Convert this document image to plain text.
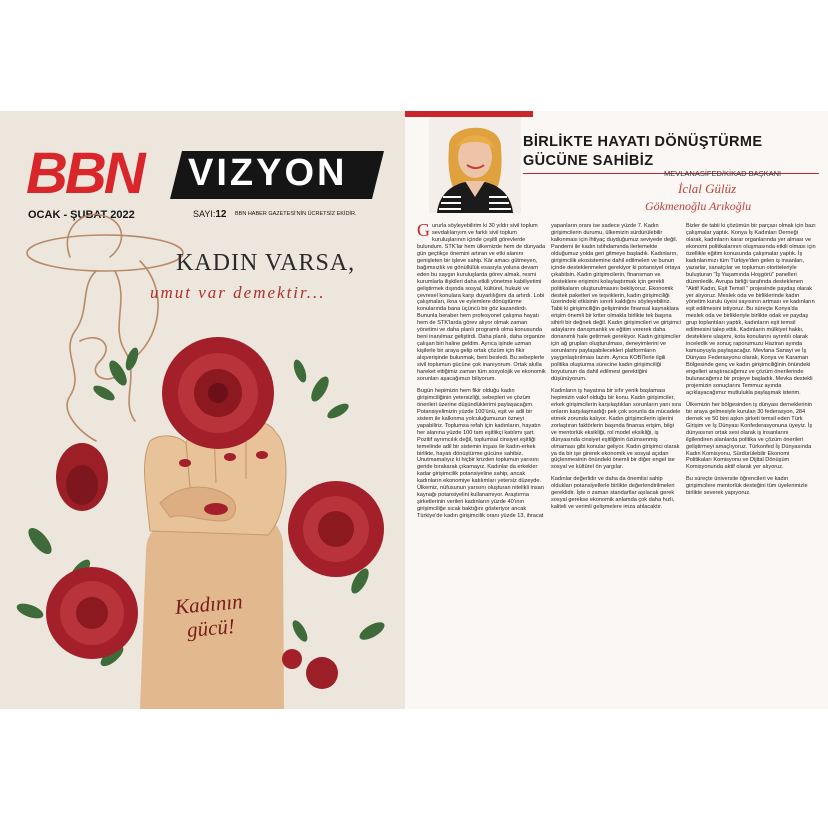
BBN VIZYON
OCAK - ŞUBAT 2022	SAYI:12 BBN HABER GAZETESİ'NİN ÜCRETSİZ EKİDİR.
KADIN VARSA,
umut var demektir...
Kadının
gücü!
BİRLİKTE HAYATI DÖNÜŞTÜRME
GÜCÜNE SAHİBİZ
MEVLANASİFED/KİKAD BAŞKANI
İclal Gülüz
Gökmenoğlu Arıkoğlu

Gururla söyleyebilirim ki 30 yıldır sivil toplum sevdalılarıyım ve farklı sivil toplum kuruluşlarının içinde çeşitli görevlerde bulundum. STK'lar hem ülkemizde hem de dünyada gün geçtikçe önemini artıran ve etki alanını genişleten bir işleve sahip. Kâr amacı gütmeyen, bağımsızlık ve gönüllülük esasıyla yoluna devam eden bu saygın kuruluşlarda görev almak, resmi kurumlarla ilişkileri daha etkili yönetme kabiliyetimi geliştirmek dışında sosyal, kültürel, hukuki ve çevresel konulara karşı duyarlılığımı da artırdı. Lobi çalışmaları, ikna ve eylemlere dönüştürme konularında bana üçüncü bir göz kazandırdı. Bununla beraber hem profesyonel çalışma hayatı hem de STK'larda görev alıyor olmak zaman yönetimi ve daha planlı programlı olma konusunda beni inanılmaz geliştirdi. Daha planlı, daha organize çalışan biri haline geldim. Ayrıca işinde uzman kişilerle bir araya gelip ortak çözüm için fikir alışverişinde bulunmak, beni besledi. Bu sebeplerle sivil toplumun gücüne çok inanıyorum. Ortak akılla hareket ettiğimiz zaman tüm sosyolojik ve ekonomik sorunları aşacağımızı biliyorum.

Bugün hepimizin hem fikir olduğu kadın girişimciliğinin yetersizliği, sebepleri ve çözüm önerileri üzerine düşündüklerimi paylaşacağım. Potansiyelimizin yüzde 100'ünü, eşit ve adil bir sistem ile kalkınma yolculuğumuzun özneyi yapabiliriz. Toplumsa refah için kadınların, hayatın her alanına yüzde 100 tam eşitlikçi katılımı şart. Pozitif ayrımcılık değil, toplumsal cinsiyet eşitliği temelinde adil bir sistemin inşası ile kadın-erkek birlikte, hayatı dönüştürme gücüne sahibiz. Unutmamalıyız ki hiçbir krizden toplumun yarısını geride bırakarak çıkamayız. Kadınlar da erkekler kadar girişimcilik potansiyeline sahip, ancak kadınların ekonomiye katılımları yetersiz düzeyde. Ülkemiz, nüfusunun yarısını oluşturan nitelikli insan kaynağı potansiyelini kullanamıyor. Araştırma şirketlerinin verileri kadınların yüzde 40'ının girişimciliğe sıcak baktığını gösteriyor ancak Türkiye'de kadın girişimcilik oranı yüzde 13, ihracat

yapanların oranı ise sadece yüzde 7. Kadın girişimcilerin durumu, ülkemizin sürdürülebilir kalkınması için ihtiyaç duyduğumuz seviyede değil. Pandemi ile kadın istihdamında ilerlemekte olduğumuz yolda geri gitmeye başladık. Kadınların, girişimcilik ekosistemine dahil edilmeleri ve bunun içinde desteklenmeleri gerekiyor ki potansiyel ortaya çıkabilsin. Kadın girişimcilerin, finansman ve desteklere erişimini kolaylaştırmak için gerekli politikaların oluşturulmasını bekliyoruz. Ekonomik destek paketleri ve teşviklerin, kadın girişimciliği üzerindeki etkisinin sınırlı kaldığını söyleyebiliriz. Tabii ki girişimciliğin gelişiminde finansal kaynaklara erişim önemli bir kriter olmakla birlikte tek başına sihirli bir değnek değil. Kadın girişimcileri ve girişimci adaylarını danışmanlık ve eğitim vererek daha donanımlı hale getirmek gerekiyor. Kadın girişimciler için ağ grupları oluşturulması, deneyimlerini ve sorunlarını paylaşabilecekleri platformların yaygınlaştırılması lazım. Ayrıca KOBİ'lerle ilgili politika oluşturma sürecine kadın girişimciliği boyutunun da dahil edilmesi gerektiğini düşünüyorum.

Kadınların iş hayatına bir sıfır yenik başlaması hepimizin vakıf olduğu bir konu. Kadın girişimciler, erkek girişimcilerin karşılaştıkları sorunların yanı sıra onların karşılaşmadığı pek çok sorunla da mücadele etmek zorunda kalıyor. Kadın girişimcilerin işlerini zorlaştıran faktörlerin başında finansa erişim, bilgi ve mentorlük eksikliği, rol model eksikliği, iş dünyasında cinsiyet eşitliğinin özümsenmiş olmaması gibi konular geliyor. Kadın girişimci olarak ya da bir işe girerek ekonomik ve sosyal açıdan güçlenmesinin önündeki önemli bir diğer engel ise sosyal ve kültürel ön yargılar.

Kadınlar değerlidir ve daha da önemlisi sahip oldukları potansiyellerle birlikte değerlendirilmeleri gereklidir. İşte o zaman standartlar aşılacak gerek sosyal gerekse ekonomik anlamda çok daha hızlı, kaliteli ve verimli gelişmelere imza atılacaktır.

Bizler de tabii ki çözümün bir parçası olmak için bazı çalışmalar yaptık. Konya İş Kadınları Derneği olarak, kadınların karar organlarında yer alması ve ekonomi politikalarının oluşmasında etkili olması için özellikle eğitim konusunda çalışmalar yaptık. İş kadınlarımızı tüm Türkiye'den gelen iş insanları, yazarlar, sanatçılar ve toplumun otoriteleriyle buluşturan "İş Yaşamında Hoşgörü" panelleri düzenledik. Avrupa birliği tarafında desteklenen "Aktif Kadın, Eşit Temsil " projesinde paydaş olarak yer alıyoruz. Meslek oda ve birliklerinde kadın yönetim kurulu üyesi sayısının artması ve kadınların eşit edilmesini istiyoruz. Bu süreçte Konya'da meslek oda ve birlikleriyle birlikte odak ve paydaş grup toplantıları yaptık, kadınların eşit temsil edilmesini talep ettik. Kadınların mülkiyet hakkı, desteklere ulaşımı, kota konularını ayrıntılı olarak inceledik ve sonuç raporumuzu Haziran ayında kamuoyuyla paylaşacağız. Mevlana Sanayi ve İş Dünyası Federasyonu olarak, Konya ve Karaman Bölgesinde genç ve kadın girişimciliğinin önündeki engelleri araştıracağımız ve çözüm önerilerinde bulunacağımız bir projeye başladık. Mevka destekli projemizin sonuçlarını Temmuz ayında açıklayacağımız mutlulukla paylaşmak isterim.

Ülkemizin her bölgesinden iş dünyası derneklerinin bir araya gelmesiyle kurulan 30 federasyon, 284 dernek ve 50 bini aşkın şirketi temsil eden Türk Girişim ve İş Dünyası Konfederasyonuna üyeyiz. İş dünyasının ortak sesi olarak iş insanlarını ilgilendiren alanlarda politika ve çözüm önerileri geliştirmeyi amaçlıyoruz. Türkonfed İş Dünyasında Kadın Komisyonu, Sürdürülebilir Ekonomi Politikaları Komisyonu ve Dijital Dönüşüm Komisyonunda aktif olarak yer alıyoruz.

Bu süreçte üniversite öğrencileri ve kadın girişimcilere mentorlük desteğini tüm üyelerimizle birlikte severek yapıyoruz.
